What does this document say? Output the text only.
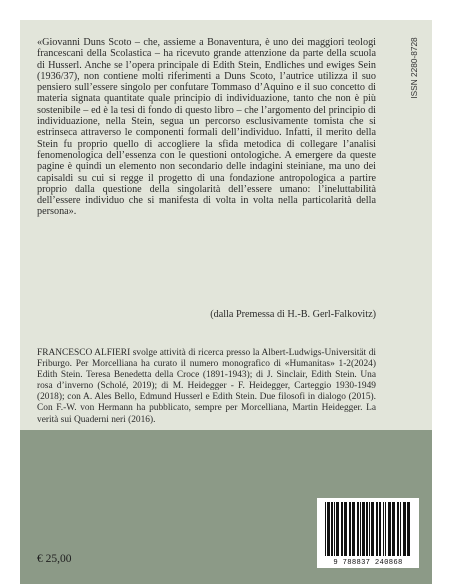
ISSN 2280-8728

«Giovanni Duns Scoto – che, assieme a Bonaventura, è uno dei maggiori teologi francescani della Scolastica – ha ricevuto grande attenzione da parte della scuola di Husserl. Anche se l’opera principale di Edith Stein, Endliches und ewiges Sein (1936/37), non contiene molti riferimenti a Duns Scoto, l’autrice utilizza il suo pensiero sull’essere singolo per confutare Tommaso d’Aquino e il suo concetto di materia signata quantitate quale principio di individuazione, tanto che non è più sostenibile – ed è la tesi di fondo di questo libro – che l’argomento del principio di individuazione, nella Stein, segua un percorso esclusivamente tomista che si estrinseca attraverso le componenti formali dell’individuo. Infatti, il merito della Stein fu proprio quello di accogliere la sfida metodica di collegare l’analisi fenomenologica dell’essenza con le questioni ontologiche. A emergere da queste pagine è quindi un elemento non secondario delle indagini steiniane, ma uno dei capisaldi su cui si regge il progetto di una fondazione antropologica a partire proprio dalla questione della singolarità dell’essere umano: l’ineluttabilità dell’essere individuo che si manifesta di volta in volta nella particolarità della persona».

(dalla Premessa di H.-B. Gerl-Falkovitz)

FRANCESCO ALFIERI svolge attività di ricerca presso la Albert-Ludwigs-Universität di Friburgo. Per Morcelliana ha curato il numero monografico di «Humanitas» 1-2(2024) Edith Stein. Teresa Benedetta della Croce (1891-1943); di J. Sinclair, Edith Stein. Una rosa d’inverno (Scholé, 2019); di M. Heidegger - F. Heidegger, Carteggio 1930-1949 (2018); con A. Ales Bello, Edmund Husserl e Edith Stein. Due filosofi in dialogo (2015). Con F.-W. von Hermann ha pubblicato, sempre per Morcelliana, Martin Heidegger. La verità sui Quaderni neri (2016).

€ 25,00	9 788837 240868
